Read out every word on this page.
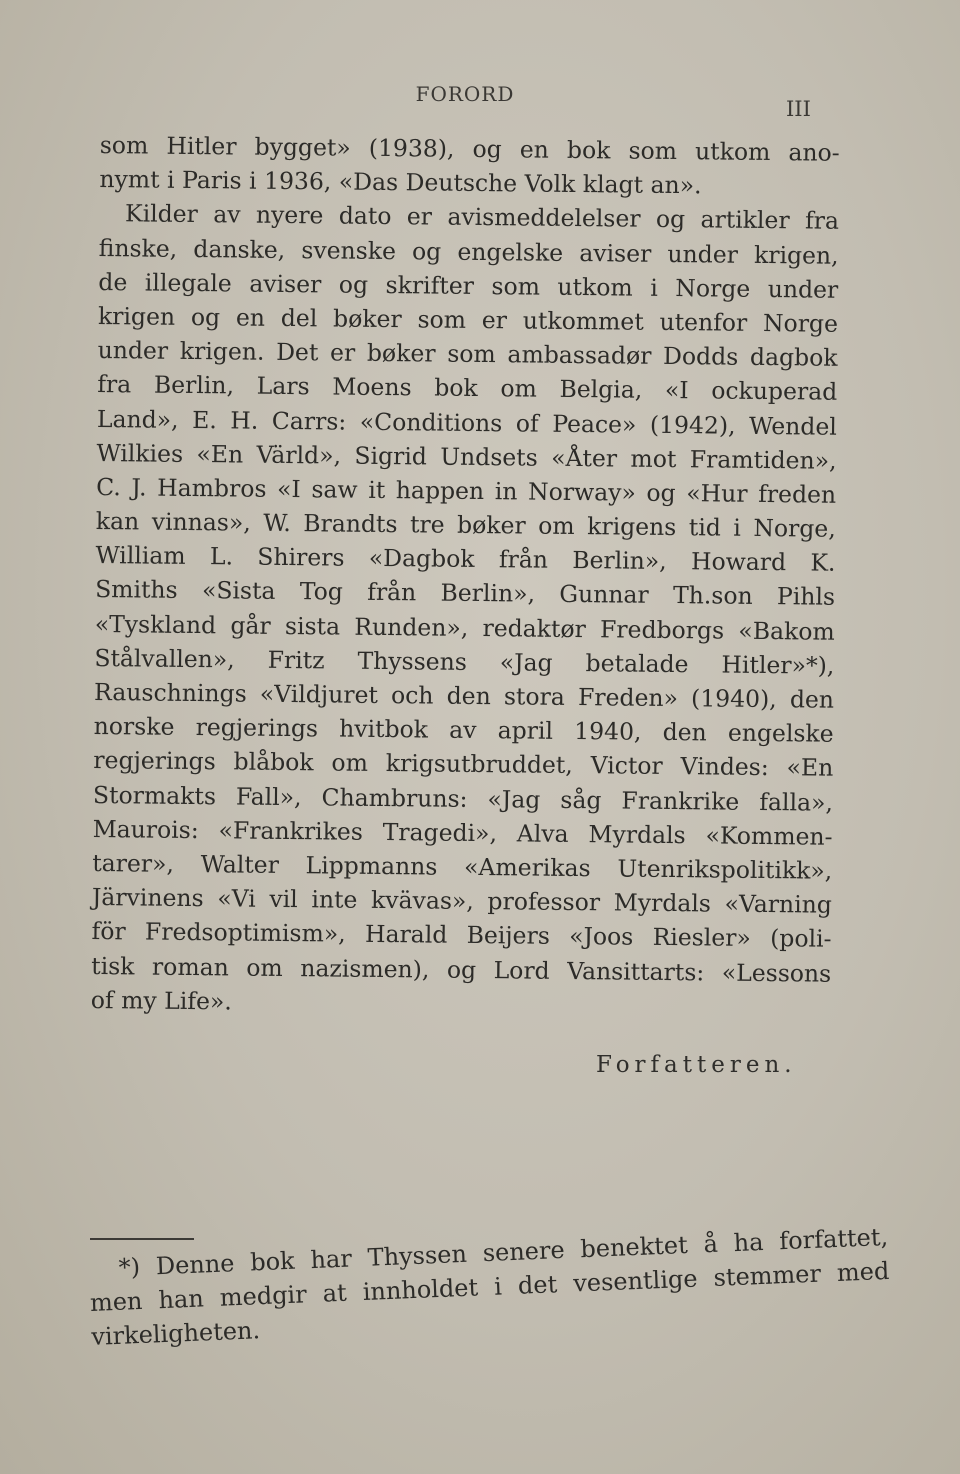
FORORD
III
som Hitler bygget» (1938), og en bok som utkom ano-
nymt i Paris i 1936, «Das Deutsche Volk klagt an».
Kilder av nyere dato er avismeddelelser og artikler fra
finske, danske, svenske og engelske aviser under krigen,
de illegale aviser og skrifter som utkom i Norge under
krigen og en del bøker som er utkommet utenfor Norge
under krigen. Det er bøker som ambassadør Dodds dagbok
fra Berlin, Lars Moens bok om Belgia, «I ockuperad
Land», E. H. Carrs: «Conditions of Peace» (1942), Wendel
Wilkies «En Värld», Sigrid Undsets «Åter mot Framtiden»,
C. J. Hambros «I saw it happen in Norway» og «Hur freden
kan vinnas», W. Brandts tre bøker om krigens tid i Norge,
William L. Shirers «Dagbok från Berlin», Howard K.
Smiths «Sista Tog från Berlin», Gunnar Th.son Pihls
«Tyskland går sista Runden», redaktør Fredborgs «Bakom
Stålvallen», Fritz Thyssens «Jag betalade Hitler»*),
Rauschnings «Vildjuret och den stora Freden» (1940), den
norske regjerings hvitbok av april 1940, den engelske
regjerings blåbok om krigsutbruddet, Victor Vindes: «En
Stormakts Fall», Chambruns: «Jag såg Frankrike falla»,
Maurois: «Frankrikes Tragedi», Alva Myrdals «Kommen-
tarer», Walter Lippmanns «Amerikas Utenrikspolitikk»,
Järvinens «Vi vil inte kvävas», professor Myrdals «Varning
för Fredsoptimism», Harald Beijers «Joos Riesler» (poli-
tisk roman om nazismen), og Lord Vansittarts: «Lessons
of my Life».
Forfatteren.
*) Denne bok har Thyssen senere benektet å ha forfattet,
men han medgir at innholdet i det vesentlige stemmer med
virkeligheten.
